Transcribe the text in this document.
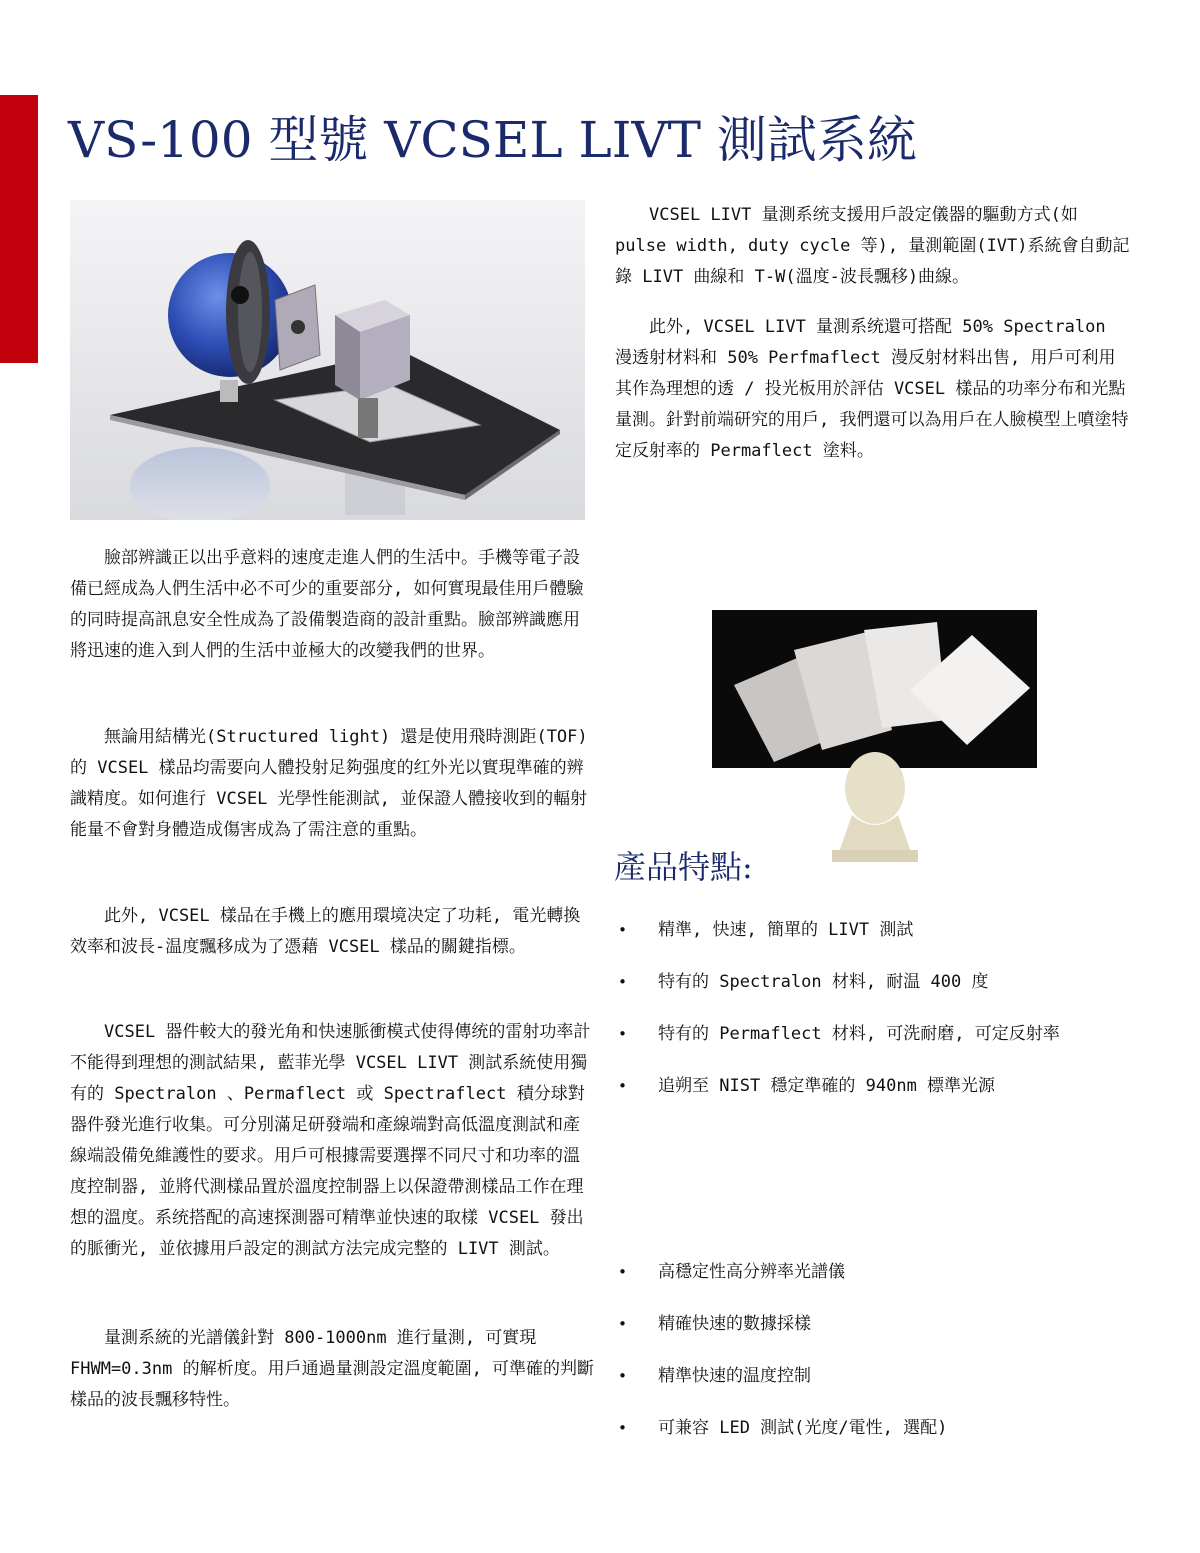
VS-100 型號 VCSEL LIVT 測試系統

VCSEL LIVT 量測系统支援用戶設定儀器的驅動方式(如 pulse width, duty cycle 等), 量測範圍(IVT)系統會自動記錄 LIVT 曲線和 T-W(溫度-波長飄移)曲線。

此外, VCSEL LIVT 量測系统還可搭配 50% Spectralon 漫透射材料和 50% Perfmaflect 漫反射材料出售, 用戶可利用其作為理想的透 / 投光板用於評估 VCSEL 樣品的功率分布和光點量測。針對前端研究的用戶, 我們還可以為用戶在人臉模型上噴塗特定反射率的 Permaflect 塗料。

臉部辨識正以出乎意料的速度走進人們的生活中。手機等電子設備已經成為人們生活中必不可少的重要部分, 如何實現最佳用戶體驗的同時提高訊息安全性成為了設備製造商的設計重點。臉部辨識應用將迅速的進入到人們的生活中並極大的改變我們的世界。

無論用結構光(Structured light) 還是使用飛時測距(TOF) 的 VCSEL 樣品均需要向人體投射足夠强度的红外光以實現準確的辨識精度。如何進行 VCSEL 光學性能測試, 並保證人體接收到的輻射能量不會對身體造成傷害成為了需注意的重點。

此外, VCSEL 樣品在手機上的應用環境决定了功耗, 電光轉換效率和波長-温度飄移成为了憑藉 VCSEL 樣品的關鍵指標。

VCSEL 器件較大的發光角和快速脈衝模式使得傳统的雷射功率計不能得到理想的測試結果, 藍菲光學 VCSEL LIVT 測試系統使用獨有的 Spectralon 、Permaflect 或 Spectraflect 積分球對器件發光進行收集。可分別滿足研發端和產線端對高低溫度測試和產線端設備免維護性的要求。用戶可根據需要選擇不同尺寸和功率的溫度控制器, 並將代測樣品置於溫度控制器上以保證帶測樣品工作在理想的溫度。系统搭配的高速探測器可精準並快速的取樣 VCSEL 發出的脈衝光, 並依據用戶設定的測試方法完成完整的 LIVT 測試。

量測系統的光譜儀針對 800-1000nm 進行量測, 可實現 FHWM=0.3nm 的解析度。用戶通過量測設定溫度範圍, 可準確的判斷樣品的波長飄移特性。

產品特點:
• 精準, 快速, 簡單的 LIVT 測試
• 特有的 Spectralon 材料, 耐温 400 度
• 特有的 Permaflect 材料, 可洗耐磨, 可定反射率
• 追朔至 NIST 穩定準確的 940nm 標準光源
• 高穩定性高分辨率光譜儀
• 精確快速的數據採樣
• 精準快速的温度控制
• 可兼容 LED 測試(光度/電性, 選配)
